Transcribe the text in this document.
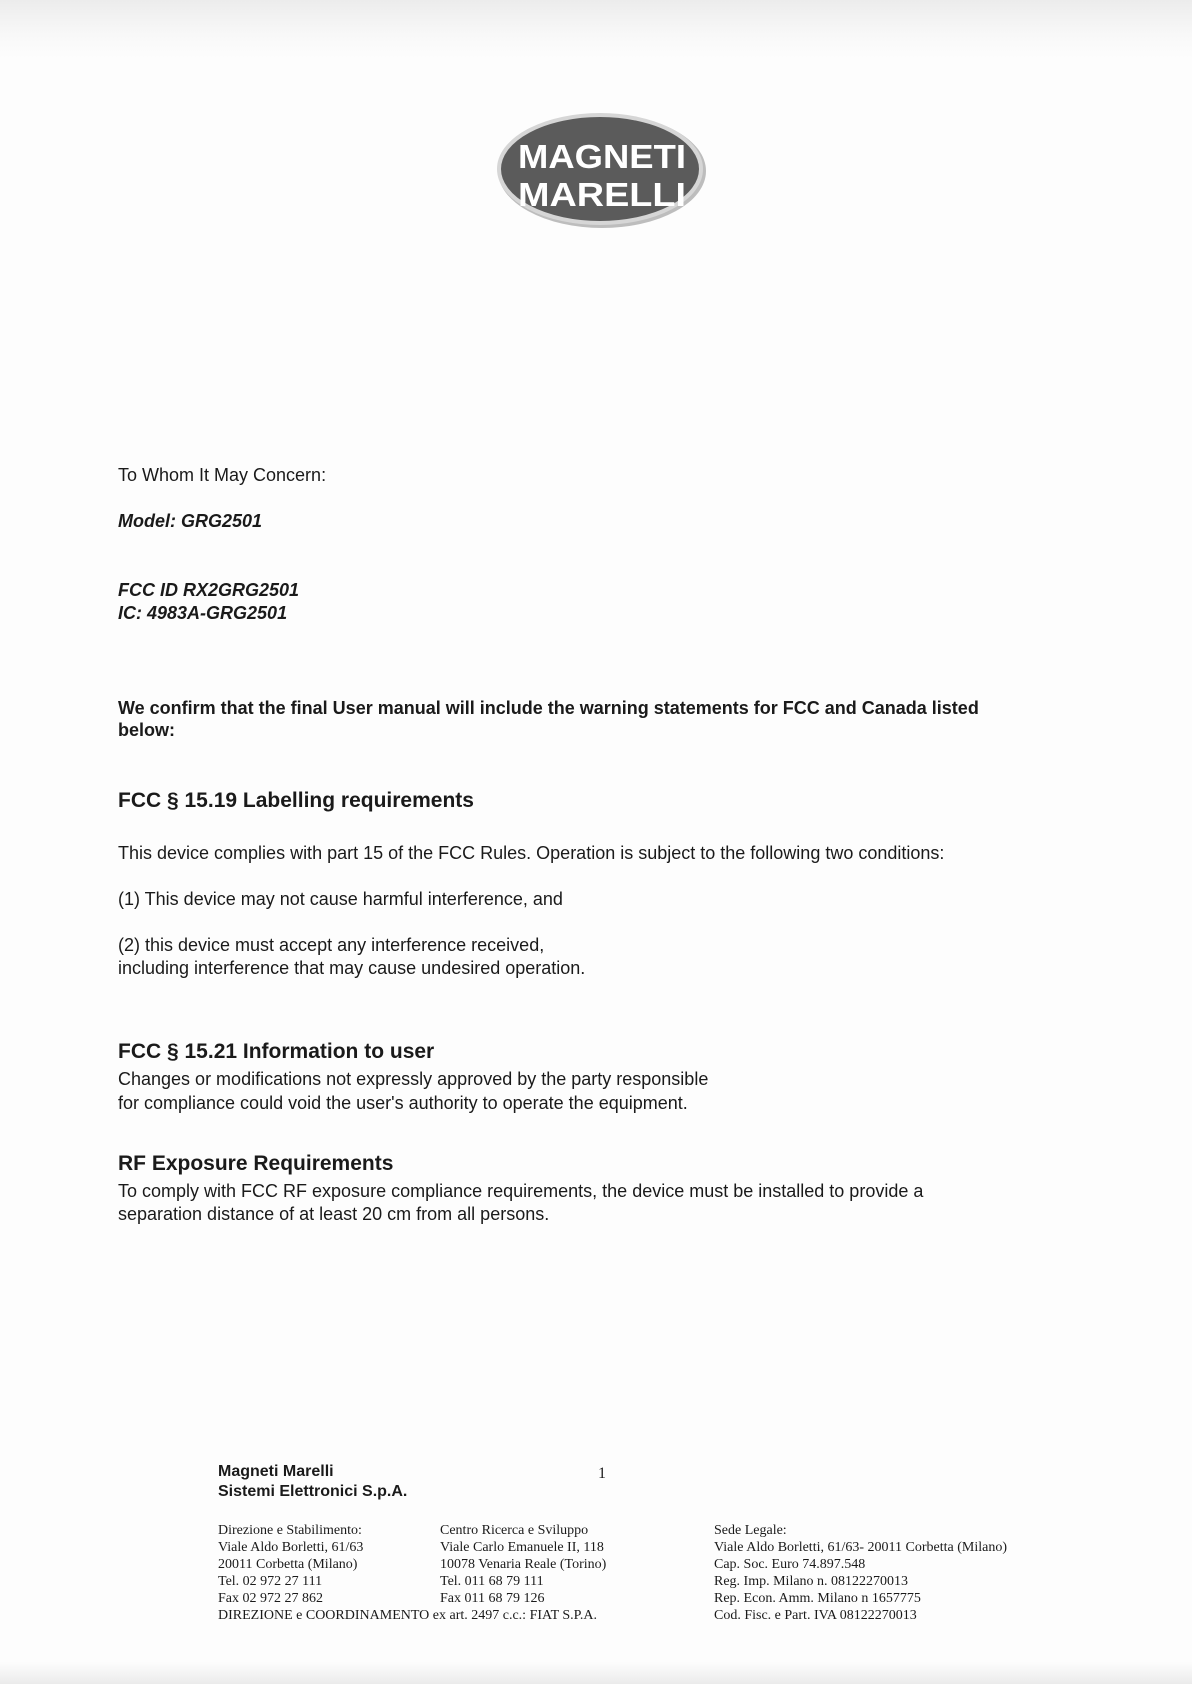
MAGNETI
MARELLI
To Whom It May Concern:
Model: GRG2501
FCC ID RX2GRG2501
IC: 4983A-GRG2501
We confirm that the final User manual will include the warning statements for FCC and Canada listed
below:
FCC § 15.19 Labelling requirements
This device complies with part 15 of the FCC Rules. Operation is subject to the following two conditions:
(1) This device may not cause harmful interference, and
(2) this device must accept any interference received,
including interference that may cause undesired operation.
FCC § 15.21 Information to user
Changes or modifications not expressly approved by the party responsible
for compliance could void the user's authority to operate the equipment.
RF Exposure Requirements
To comply with FCC RF exposure compliance requirements, the device must be installed to provide a
separation distance of at least 20 cm from all persons.
Magneti Marelli
Sistemi Elettronici S.p.A.
1
Direzione e Stabilimento:
Viale Aldo Borletti, 61/63
20011 Corbetta (Milano)
Tel. 02 972 27 111
Fax 02 972 27 862
Centro Ricerca e Sviluppo
Viale Carlo Emanuele II, 118
10078 Venaria Reale (Torino)
Tel. 011 68 79 111
Fax 011 68 79 126
Sede Legale:
Viale Aldo Borletti, 61/63- 20011 Corbetta (Milano)
Cap. Soc. Euro 74.897.548
Reg. Imp. Milano n. 08122270013
Rep. Econ. Amm. Milano n 1657775
Cod. Fisc. e Part. IVA 08122270013
DIREZIONE e COORDINAMENTO ex art. 2497 c.c.: FIAT S.P.A.
